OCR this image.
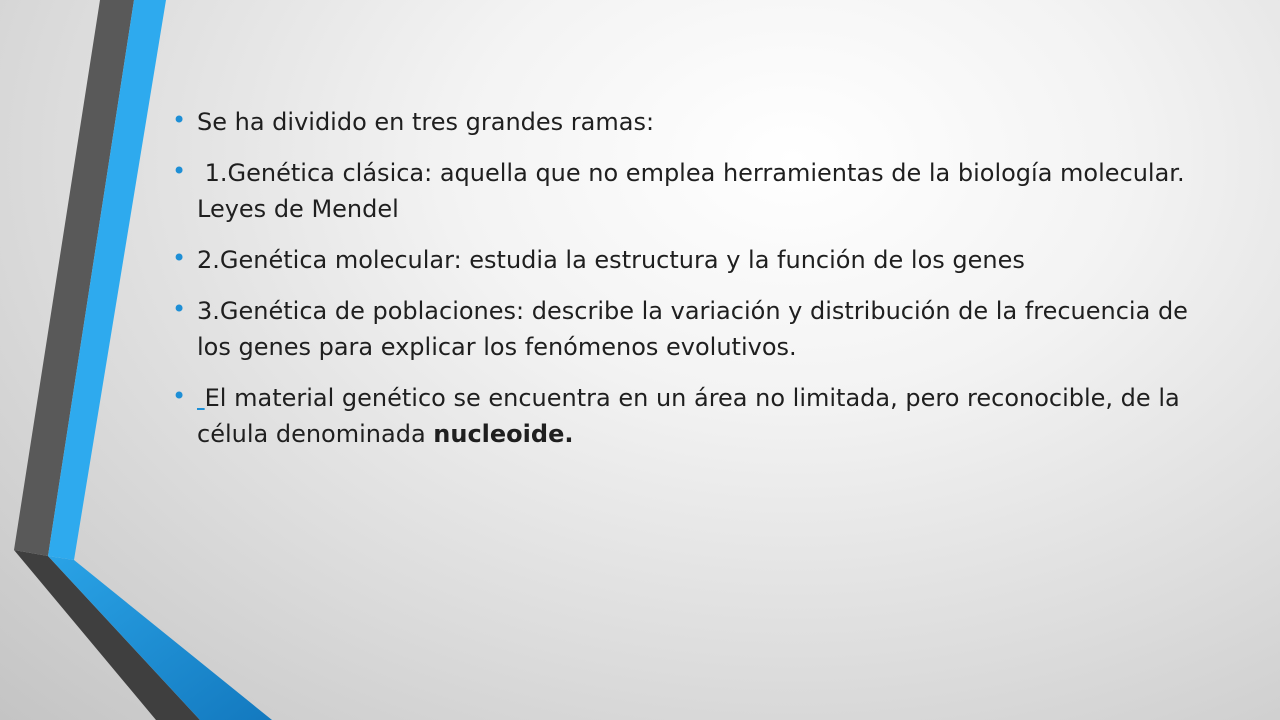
• Se ha dividido en tres grandes ramas:
• 1.Genética clásica: aquella que no emplea herramientas de la biología molecular. Leyes de Mendel
• 2.Genética molecular: estudia la estructura y la función de los genes
• 3.Genética de poblaciones: describe la variación y distribución de la frecuencia de los genes para explicar los fenómenos evolutivos.
• El material genético se encuentra en un área no limitada, pero reconocible, de la célula denominada nucleoide.
